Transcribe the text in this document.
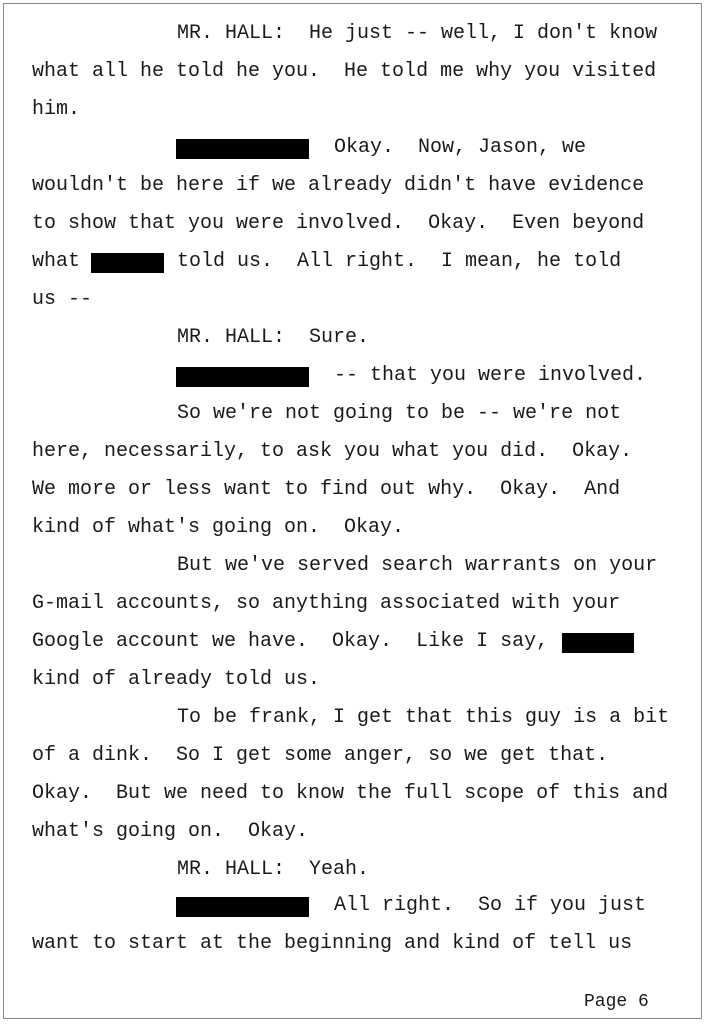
MR. HALL:  He just -- well, I don't know
what all he told he you.  He told me why you visited
him.
Okay.  Now, Jason, we
wouldn't be here if we already didn't have evidence
to show that you were involved.  Okay.  Even beyond
what	told us.  All right.  I mean, he told
us --
MR. HALL:  Sure.
-- that you were involved.
So we're not going to be -- we're not
here, necessarily, to ask you what you did.  Okay.
We more or less want to find out why.  Okay.  And
kind of what's going on.  Okay.
But we've served search warrants on your
G-mail accounts, so anything associated with your
Google account we have.  Okay.  Like I say,
kind of already told us.
To be frank, I get that this guy is a bit
of a dink.  So I get some anger, so we get that.
Okay.  But we need to know the full scope of this and
what's going on.  Okay.
MR. HALL:  Yeah.
All right.  So if you just
want to start at the beginning and kind of tell us
Page 6
